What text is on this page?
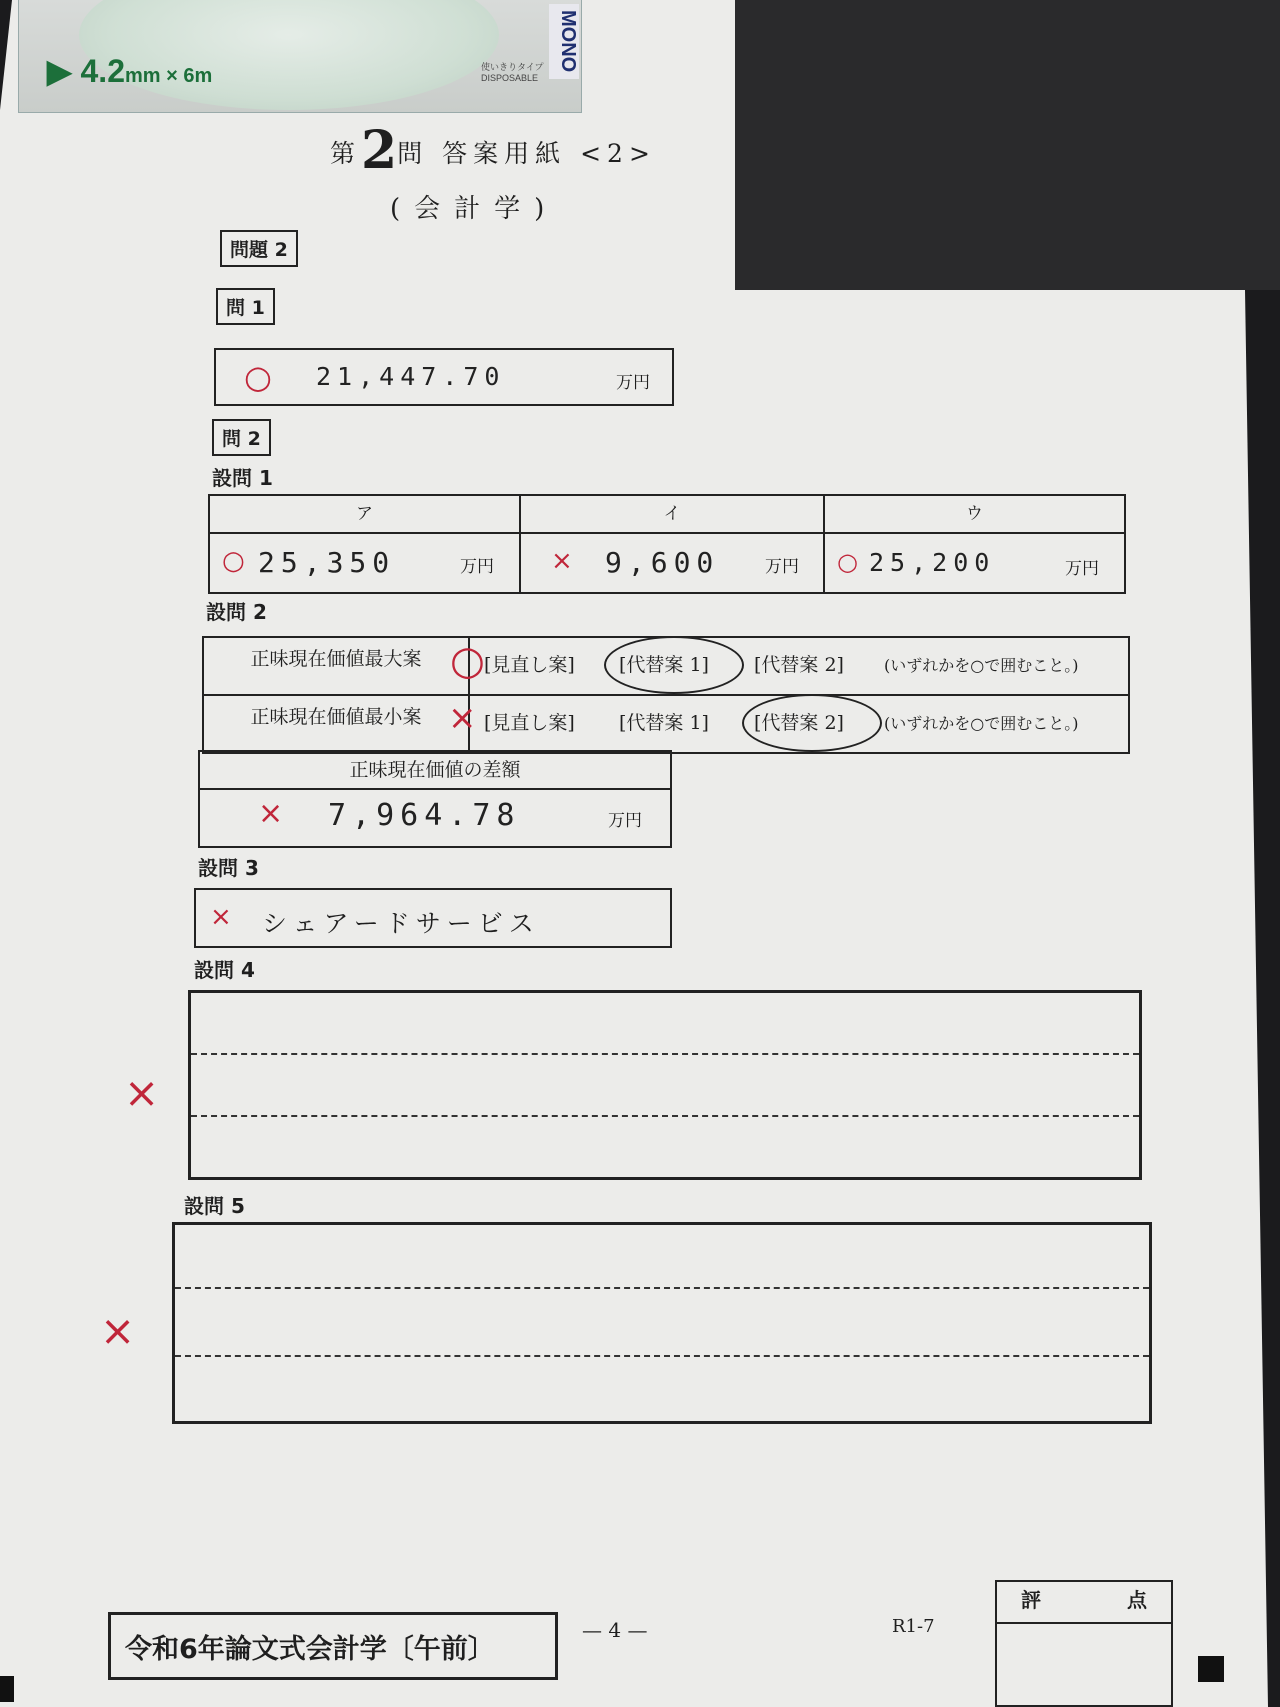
▶ 4.2mm × 6m	使いきりタイプ DISPOSABLE
MONO
第2問 答案用紙 <2>
(会計学)
問題 2
問 1
○ 21,447.70	万円
問 2
設問 1
ア
○ 25,350	万円
イ
× 9,600	万円
ウ
○ 25,200	万円
設問 2
正味現在価値最大案 ○ [見直し案] [代替案 1] [代替案 2]	(いずれかを○で囲むこと。)
正味現在価値最小案 × [見直し案] [代替案 1] [代替案 2]	(いずれかを○で囲むこと。)
正味現在価値の差額
× 7,964.78	万円
設問 3
× シェアードサービス
設問 4
×
設問 5
×
令和6年論文式会計学〔午前〕
— 4 —	R1-7
評	点
